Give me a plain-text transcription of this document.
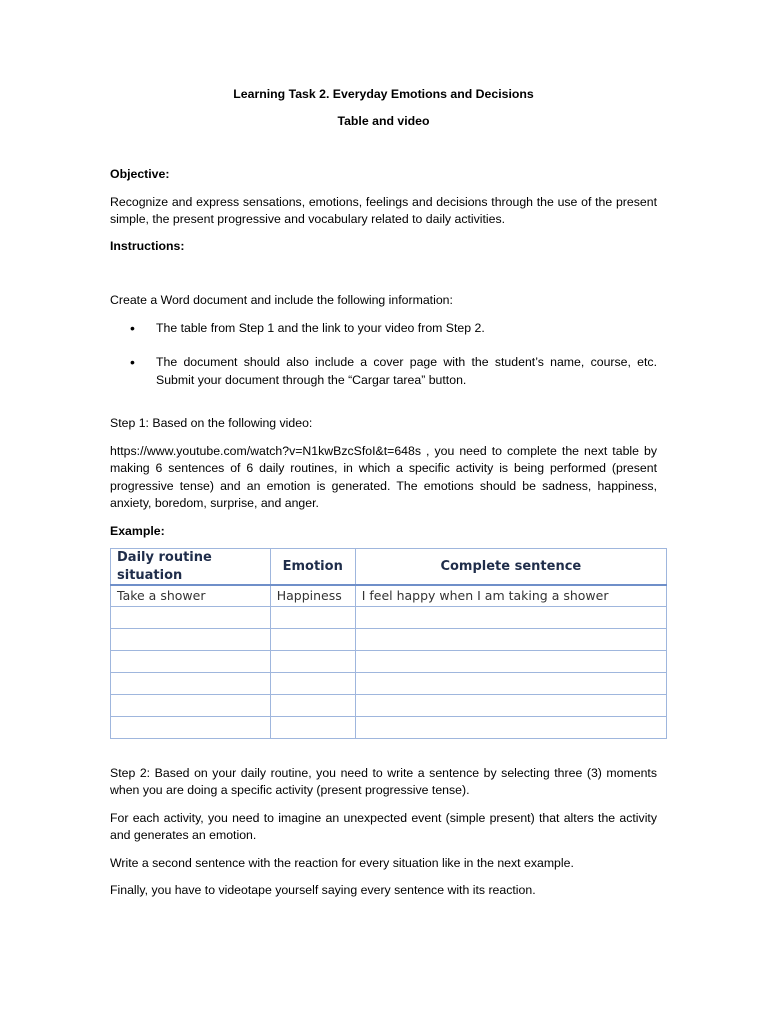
Learning Task 2. Everyday Emotions and Decisions

Table and video

Objective:

Recognize and express sensations, emotions, feelings and decisions through the use of the present simple, the present progressive and vocabulary related to daily activities.

Instructions:

Create a Word document and include the following information:

• The table from Step 1 and the link to your video from Step 2.
• The document should also include a cover page with the student’s name, course, etc. Submit your document through the “Cargar tarea” button.

Step 1: Based on the following video:

https://www.youtube.com/watch?v=N1kwBzcSfoI&t=648s , you need to complete the next table by making 6 sentences of 6 daily routines, in which a specific activity is being performed (present progressive tense) and an emotion is generated. The emotions should be sadness, happiness, anxiety, boredom, surprise, and anger.

Example:

Daily routine situation	Emotion	Complete sentence
Take a shower	Happiness	I feel happy when I am taking a shower

Step 2: Based on your daily routine, you need to write a sentence by selecting three (3) moments when you are doing a specific activity (present progressive tense).

For each activity, you need to imagine an unexpected event (simple present) that alters the activity and generates an emotion.

Write a second sentence with the reaction for every situation like in the next example.

Finally, you have to videotape yourself saying every sentence with its reaction.
